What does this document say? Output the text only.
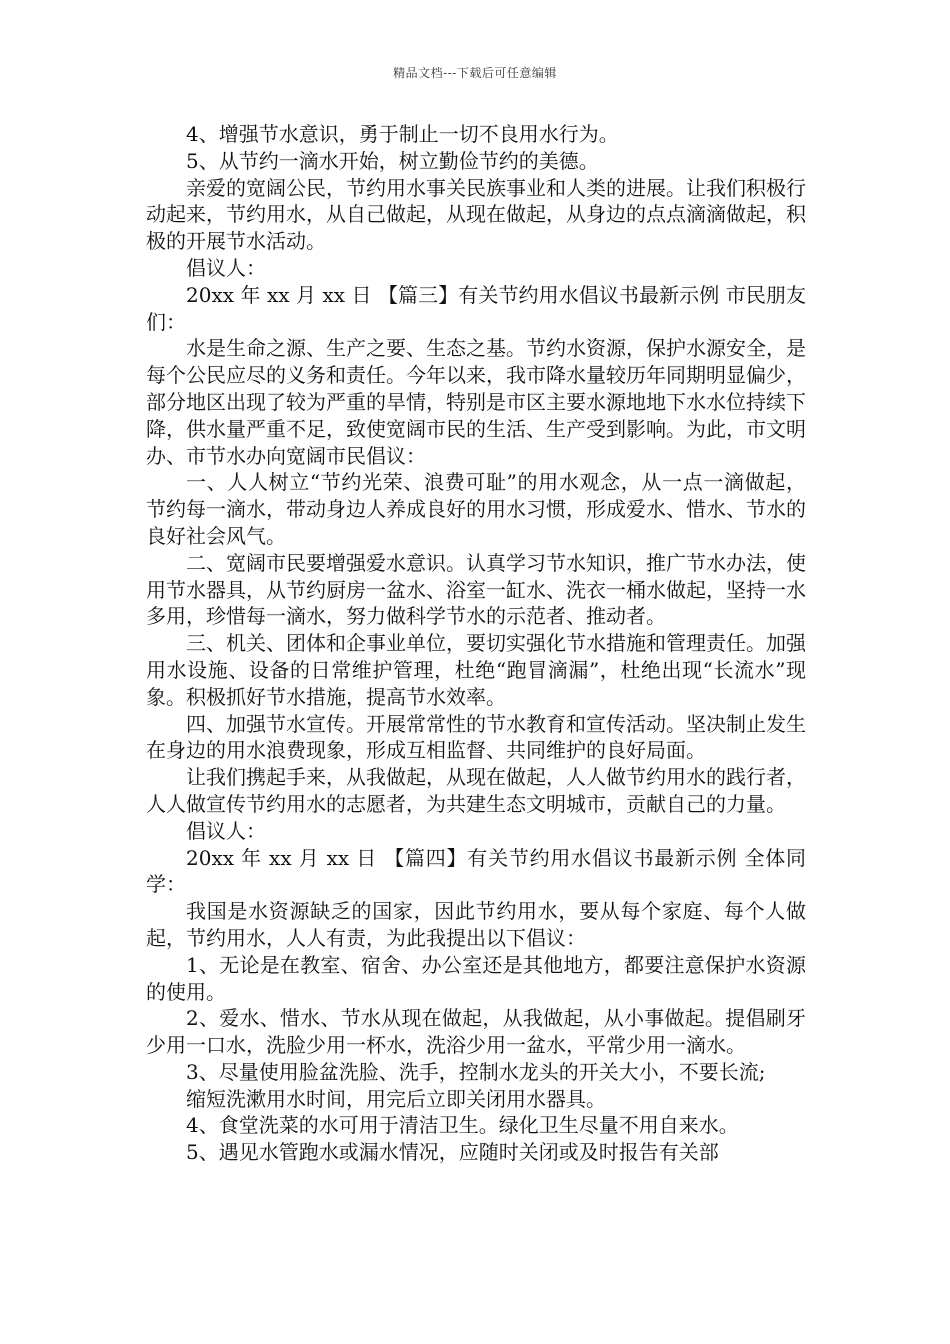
精品文档---下载后可任意编辑

4、增强节水意识，勇于制止一切不良用水行为。

5、从节约一滴水开始，树立勤俭节约的美德。

亲爱的宽阔公民，节约用水事关民族事业和人类的进展。让我们积极行动起来，节约用水，从自己做起，从现在做起，从身边的点点滴滴做起，积极的开展节水活动。

倡议人：

20xx 年 xx 月 xx 日 【篇三】有关节约用水倡议书最新示例 市民朋友们：

水是生命之源、生产之要、生态之基。节约水资源，保护水源安全，是每个公民应尽的义务和责任。今年以来，我市降水量较历年同期明显偏少，部分地区出现了较为严重的旱情，特别是市区主要水源地地下水水位持续下降，供水量严重不足，致使宽阔市民的生活、生产受到影响。为此，市文明办、市节水办向宽阔市民倡议：

一、人人树立“节约光荣、浪费可耻”的用水观念，从一点一滴做起，节约每一滴水，带动身边人养成良好的用水习惯，形成爱水、惜水、节水的良好社会风气。

二、宽阔市民要增强爱水意识。认真学习节水知识，推广节水办法，使用节水器具，从节约厨房一盆水、浴室一缸水、洗衣一桶水做起，坚持一水多用，珍惜每一滴水，努力做科学节水的示范者、推动者。

三、机关、团体和企事业单位，要切实强化节水措施和管理责任。加强用水设施、设备的日常维护管理，杜绝“跑冒滴漏”，杜绝出现“长流水”现象。积极抓好节水措施，提高节水效率。

四、加强节水宣传。开展常常性的节水教育和宣传活动。坚决制止发生在身边的用水浪费现象，形成互相监督、共同维护的良好局面。

让我们携起手来，从我做起，从现在做起，人人做节约用水的践行者，人人做宣传节约用水的志愿者，为共建生态文明城市，贡献自己的力量。

倡议人：

20xx 年 xx 月 xx 日 【篇四】有关节约用水倡议书最新示例 全体同学：

我国是水资源缺乏的国家，因此节约用水，要从每个家庭、每个人做起，节约用水，人人有责，为此我提出以下倡议：

1、无论是在教室、宿舍、办公室还是其他地方，都要注意保护水资源的使用。

2、爱水、惜水、节水从现在做起，从我做起，从小事做起。提倡刷牙少用一口水，洗脸少用一杯水，洗浴少用一盆水，平常少用一滴水。

3、尽量使用脸盆洗脸、洗手，控制水龙头的开关大小，不要长流;

缩短洗漱用水时间，用完后立即关闭用水器具。

4、食堂洗菜的水可用于清洁卫生。绿化卫生尽量不用自来水。

5、遇见水管跑水或漏水情况，应随时关闭或及时报告有关部
